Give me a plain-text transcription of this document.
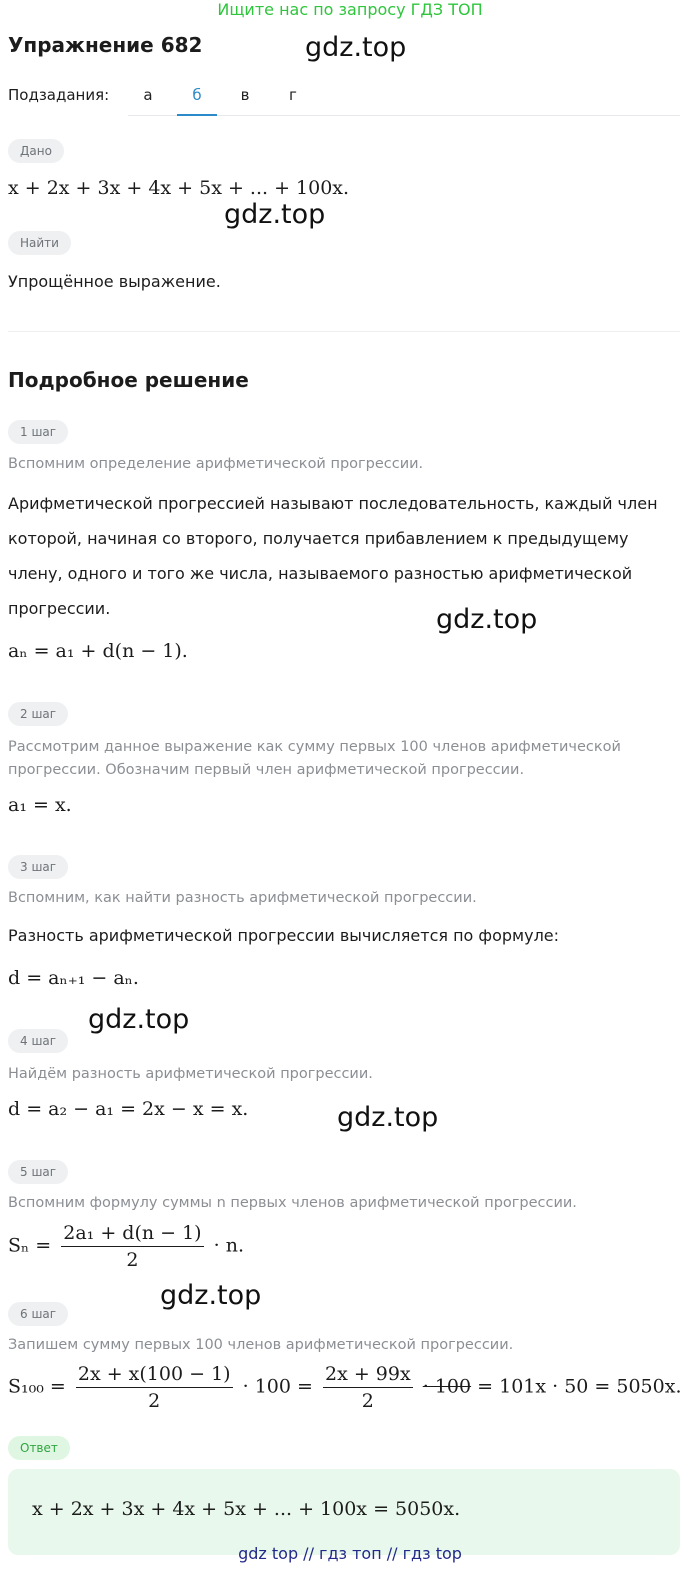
Ищите нас по запросу ГДЗ ТОП
Упражнение 682	gdz.top
gdz.top
gdz.top
gdz.top
gdz.top
gdz.top
Подзадания:	а	б	в	г
Дано
x + 2x + 3x + 4x + 5x + ... + 100x.
Найти
Упрощённое выражение.
Подробное решение
1 шаг
Вспомним определение арифметической прогрессии.
Арифметической прогрессией называют последовательность, каждый член которой, начиная со второго, получается прибавлением к предыдущему члену, одного и того же числа, называемого разностью арифметической прогрессии.
aₙ = a₁ + d(n − 1).
2 шаг
Рассмотрим данное выражение как сумму первых 100 членов арифметической прогрессии. Обозначим первый член арифметической прогрессии.
a₁ = x.
3 шаг
Вспомним, как найти разность арифметической прогрессии.
Разность арифметической прогрессии вычисляется по формуле:
d = aₙ₊₁ − aₙ.
4 шаг
Найдём разность арифметической прогрессии.
d = a₂ − a₁ = 2x − x = x.
5 шаг
Вспомним формулу суммы n первых членов арифметической прогрессии.
$S_n = \frac{\text{2a₁ + d(n − 1)}}{2} \cdot n$.
6 шаг
Запишем сумму первых 100 членов арифметической прогрессии.
$S_{100} = \frac{2x + x(100 - 1)}{2} \cdot 100 = \frac{2x + 99x}{2} \cdot 100 = 101x \cdot 50 = 5050x$.
Ответ
x + 2x + 3x + 4x + 5x + ... + 100x = 5050x.
gdz top // гдз топ // гдз top
